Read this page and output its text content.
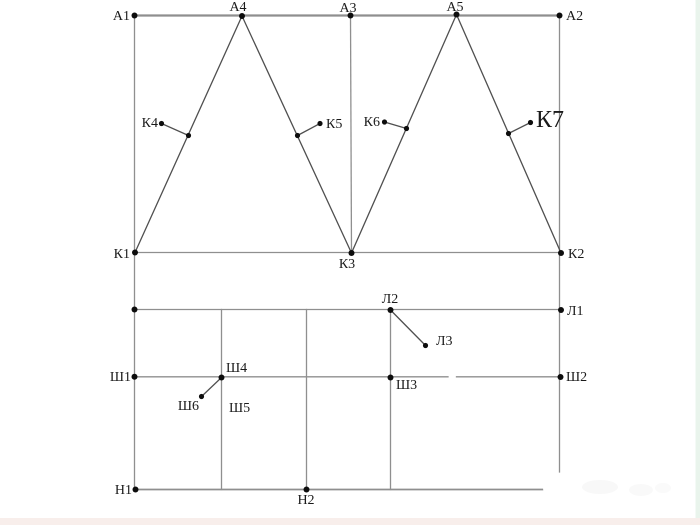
А1
А4	А3	А5
А2
К1
К3
К2
К4	К5 К6	К7
Л2
Л1
Л3
Ш1
Ш4
Ш3
Ш2
Ш6 Ш5
Н1
Н2
